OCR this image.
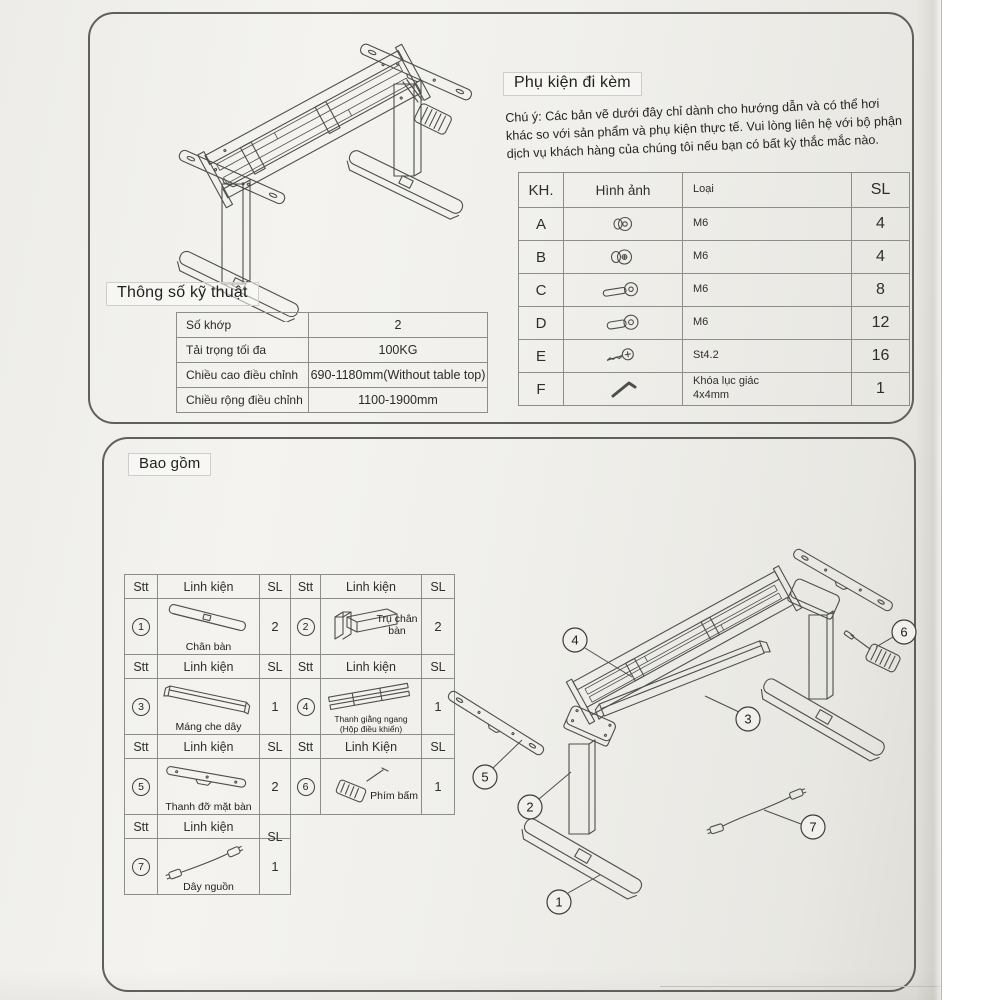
Thông số kỹ thuật
Số khớp	2
Tải trọng tối đa	100KG
Chiều cao điều chỉnh	690-1180mm(Without table top)
Chiều rộng điều chỉnh	1100-1900mm
Phụ kiện đi kèm

Chú ý: Các bản vẽ dưới đây chỉ dành cho hướng dẫn và có thể hơi khác so với sản phẩm và phụ kiện thực tế. Vui lòng liên hệ với bộ phận dịch vụ khách hàng của chúng tôi nếu bạn có bất kỳ thắc mắc nào.

KH.	Hình ảnh	Loại	SL
A		M6	4
B		M6	4
C		M6	8
D		M6	12
E		St4.2	16
F		Khóa lục giác 4x4mm	1
Bao gồm
Stt	Linh kiện	SL
1	Chân bàn	2
Stt	Linh kiện	SL
2	Trụ chân bàn	2
Stt	Linh kiện	SL
3	Máng che dây	1
Stt	Linh kiện	SL
4	Thanh giằng ngang
(Hộp điều khiển)	1
Stt	Linh kiện	SL
5	Thanh đỡ mặt bàn	2
Stt	Linh Kiện	SL
6	Phím bấm	1
Stt	Linh kiện	SL
7	Dây nguồn	1
4
6
3
5
2
7
1
